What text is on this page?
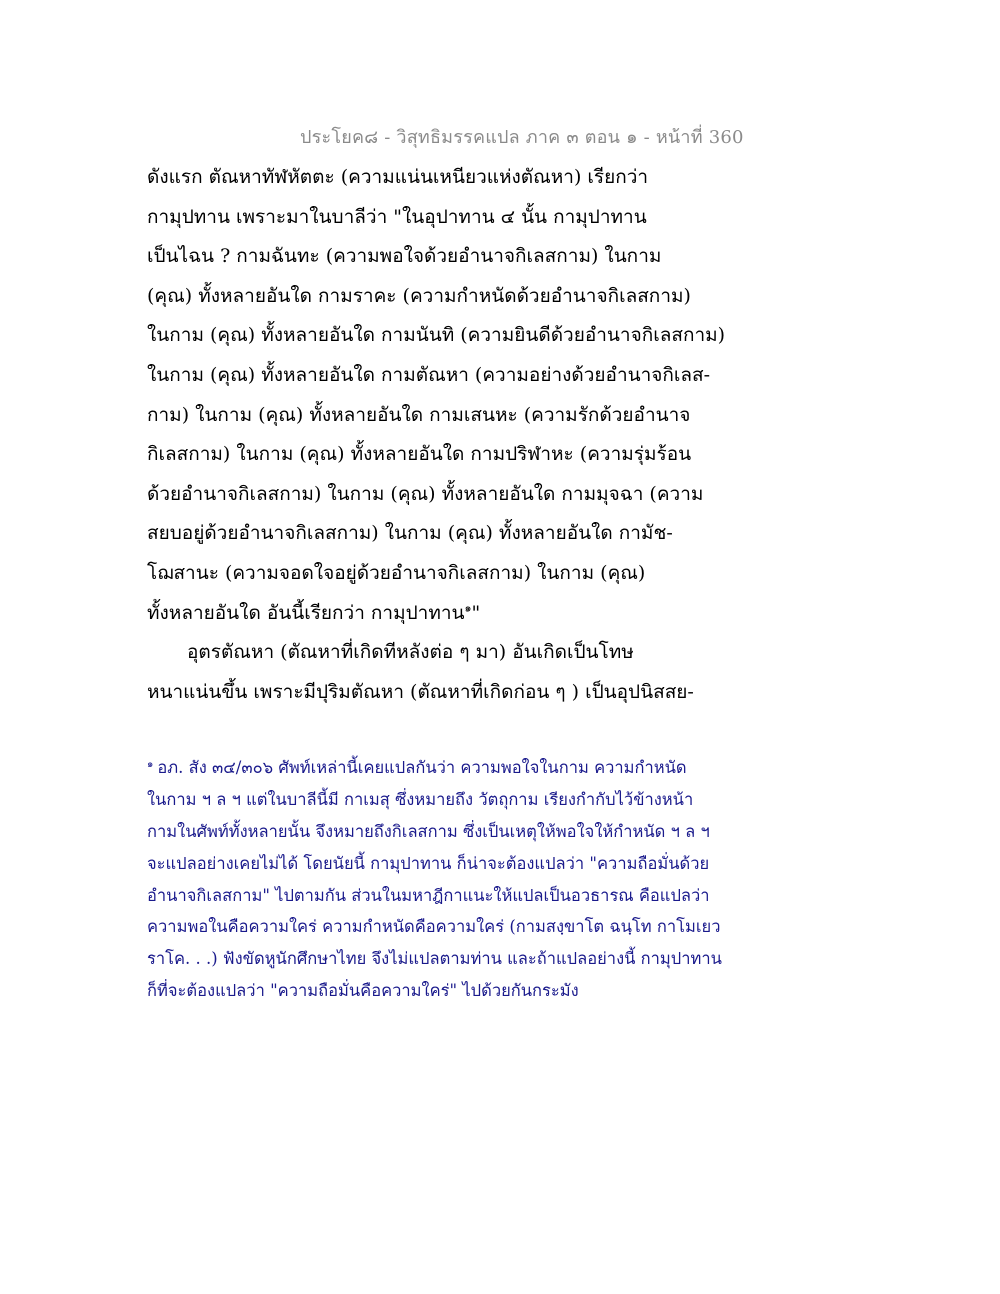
ประโยค๘ - วิสุทธิมรรคแปล ภาค ๓ ตอน ๑ - หน้าที่ 360
ดังแรก ตัณหาทัฬหัตตะ (ความแน่นเหนียวแห่งตัณหา) เรียกว่า
กามุปทาน เพราะมาในบาลีว่า "ในอุปาทาน ๔ นั้น กามุปาทาน
เป็นไฉน ? กามฉันทะ (ความพอใจด้วยอำนาจกิเลสกาม) ในกาม
(คุณ) ทั้งหลายอันใด กามราคะ (ความกำหนัดด้วยอำนาจกิเลสกาม)
ในกาม (คุณ) ทั้งหลายอันใด กามนันทิ (ความยินดีด้วยอำนาจกิเลสกาม)
ในกาม (คุณ) ทั้งหลายอันใด กามตัณหา (ความอย่างด้วยอำนาจกิเลส-
กาม) ในกาม (คุณ) ทั้งหลายอันใด กามเสนหะ (ความรักด้วยอำนาจ
กิเลสกาม) ในกาม (คุณ) ทั้งหลายอันใด กามปริฬาหะ (ความรุ่มร้อน
ด้วยอำนาจกิเลสกาม) ในกาม (คุณ) ทั้งหลายอันใด กามมุจฉา (ความ
สยบอยู่ด้วยอำนาจกิเลสกาม) ในกาม (คุณ) ทั้งหลายอันใด กามัช-
โฌสานะ (ความจอดใจอยู่ด้วยอำนาจกิเลสกาม) ในกาม (คุณ)
ทั้งหลายอันใด อันนี้เรียกว่า กามุปาทาน$^๑$"
อุตรตัณหา (ตัณหาที่เกิดทีหลังต่อ ๆ มา) อันเกิดเป็นโทษ
หนาแน่นขึ้น เพราะมีปุริมตัณหา (ตัณหาที่เกิดก่อน ๆ ) เป็นอุปนิสสย-
$^๑$ อภ. สัง ๓๔/๓๐๖ ศัพท์เหล่านี้เคยแปลกันว่า ความพอใจในกาม ความกำหนัด
ในกาม ฯ ล ฯ แต่ในบาลีนี้มี กาเมสุ ซึ่งหมายถึง วัตถุกาม เรียงกำกับไว้ข้างหน้า
กามในศัพท์ทั้งหลายนั้น จึงหมายถึงกิเลสกาม ซึ่งเป็นเหตุให้พอใจให้กำหนัด ฯ ล ฯ
จะแปลอย่างเคยไม่ได้ โดยนัยนี้ กามุปาทาน ก็น่าจะต้องแปลว่า "ความถือมั่นด้วย
อำนาจกิเลสกาม" ไปตามกัน ส่วนในมหาฎีกาแนะให้แปลเป็นอวธารณ คือแปลว่า
ความพอในคือความใคร่ ความกำหนัดคือความใคร่ (กามสงฺขาโต ฉนฺโท กาโมเยว
ราโค. . .) ฟังขัดหูนักศึกษาไทย จึงไม่แปลตามท่าน และถ้าแปลอย่างนี้ กามุปาทาน
ก็ที่จะต้องแปลว่า "ความถือมั่นคือความใคร่" ไปด้วยกันกระมัง
